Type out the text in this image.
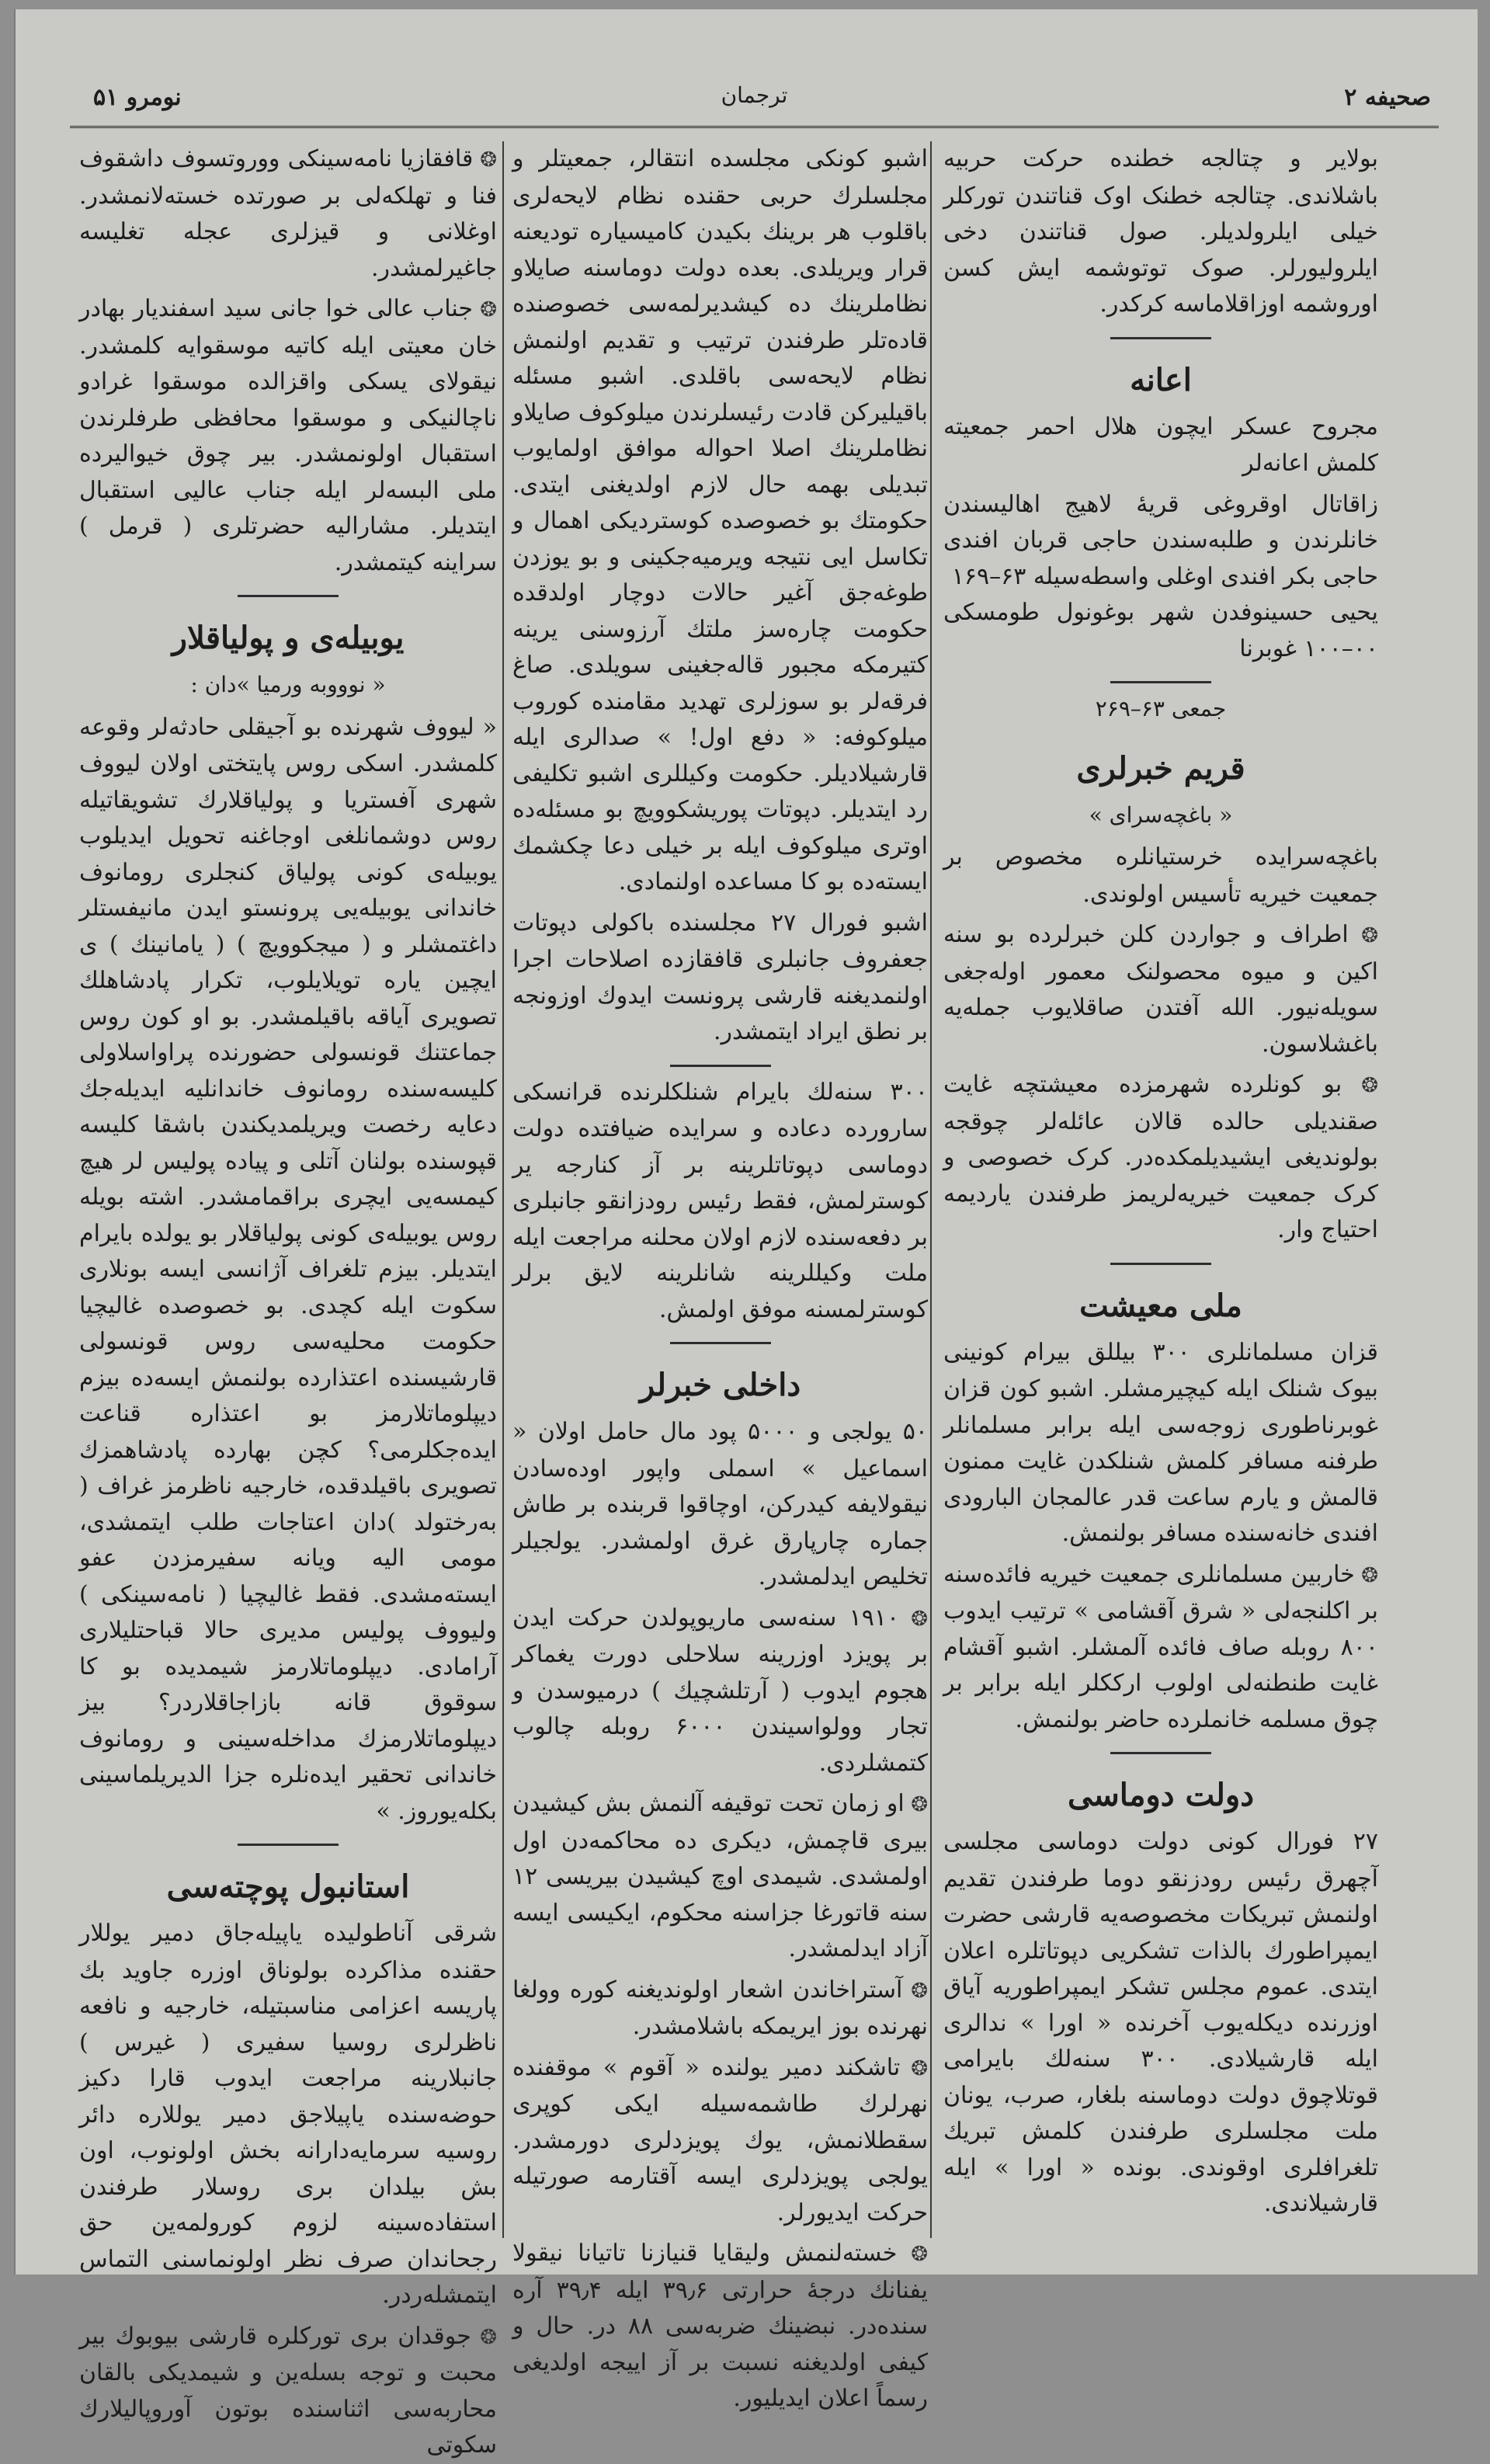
صحیفه ۲
ترجمان
نومرو ۵۱

بولایر و چتالجه خطنده حرکت حربیه باشلاندی. چتالجه خطنک اوک قناتندن تورکلر خیلی ایلرولدیلر. صول قناتندن دخی ایلرولیورلر. صوک توتوشمه ایش کسن اوروشمه اوزاقلاماسه کرکدر.

اعانه

مجروح عسکر ایچون هلال احمر جمعیته کلمش اعانه‌لر

زاقاتال اوقروغی قریهٔ لاهیج اهالیسندن خانلرندن و طلبه‌سندن حاجی قربان افندی حاجی بکر افندی اوغلی واسطه‌سیله ۶۳–۱۶۹
یحیی حسینوفدن شهر بوغونول طومسکی ۰۰–۱۰۰ غوبرنا
جمعی ۶۳–۲۶۹
قریم خبرلری
« باغچه‌سرای »

باغچه‌سرایده خرستیانلره مخصوص بر جمعیت خیریه تأسیس اولوندی.

❂ اطراف و جواردن کلن خبرلرده بو سنه اکین و میوه محصولنک معمور اوله‌جغی سویله‌نیور. الله آفتدن صاقلایوب جمله‌یه باغشلاسون.

❂ بو کونلرده شهرمزده معیشتچه غایت صقندیلی حالده قالان عائله‌لر چوقجه بولوندیغی ایشیدیلمکده‌در. کرک خصوصی و کرک جمعیت خیریه‌لریمز طرفندن یاردیمه احتیاج وار.

ملی معیشت

قزان مسلمانلری ۳۰۰ بیللق بیرام کونینی بیوک شنلک ایله کیچیرمشلر. اشبو کون قزان غوبرناطوری زوجه‌سی ایله برابر مسلمانلر طرفنه مسافر کلمش شنلکدن غایت ممنون قالمش و یارم ساعت قدر عالمجان البارودی افندی خانه‌سنده مسافر بولنمش.

❂ خاربین مسلمانلری جمعیت خیریه فائده‌سنه بر اکلنجه‌لی « شرق آقشامی » ترتیب ایدوب ۸۰۰ روبله صاف فائده آلمشلر. اشبو آقشام غایت طنطنه‌لی اولوب ارککلر ایله برابر بر چوق مسلمه خانملرده حاضر بولنمش.

دولت دوماسی

۲۷ فورال کونی دولت دوماسی مجلسی آچهرق رئیس رودزنقو دوما طرفندن تقدیم اولنمش تبریکات مخصوصه‌یه قارشی حضرت ایمپراطورك بالذات تشکریی دپوتاتلره اعلان ایتدی. عموم مجلس تشکر ایمپراطوریه آیاق اوزرنده دیکله‌یوب آخرنده « اورا » ندالری ایله قارشیلادی. ۳۰۰ سنه‌لك بایرامی قوتلاچوق دولت دوماسنه بلغار، صرب، یونان ملت مجلسلری طرفندن کلمش تبریك تلغرافلری اوقوندی. بونده « اورا » ایله قارشیلاندی.

اشبو کونکی مجلسده انتقالر، جمعیتلر و مجلسلرك حربی حقنده نظام لایحه‌لری باقلوب هر برینك بکیدن کامیسیاره تودیعنه قرار ویریلدی. بعده دولت دوماسنه صایلاو نظاملرینك ده کیشدیرلمه‌سی خصوصنده قاده‌تلر طرفندن ترتیب و تقدیم اولنمش نظام لایحه‌سی باقلدی. اشبو مسئله باقیلیرکن قادت رئیسلرندن میلوکوف صایلاو نظاملرینك اصلا احواله موافق اولمایوب تبدیلی بهمه حال لازم اولدیغنی ایتدی. حکومتك بو خصوصده کوستردیکی اهمال و تکاسل ایی نتیجه ویرمیه‌جکینی و بو یوزدن طوغه‌جق آغیر حالات دوچار اولدقده حکومت چاره‌سز ملتك آرزوسنی یرینه کتیرمکه مجبور قاله‌جغینی سویلدی. صاغ فرقه‌لر بو سوزلری تهدید مقامنده کوروب میلوکوفه: « دفع اول! » صدالری ایله قارشیلادیلر. حکومت وکیللری اشبو تکلیفی رد ایتدیلر. دپوتات پوریشکوویچ بو مسئله‌ده اوتری میلوکوف ایله بر خیلی دعا چکشمك ایسته‌ده بو کا مساعده اولنمادی.

اشبو فورال ۲۷ مجلسنده باکولی دپوتات جعفروف جانبلری قافقازده اصلاحات اجرا اولنمدیغنه قارشی پرونست ایدوك اوزونجه بر نطق ایراد ایتمشدر.

۳۰۰ سنه‌لك بایرام شنلکلرنده قرانسکی سارورده دعاده و سرایده ضیافتده دولت دوماسی دپوتاتلرینه بر آز کنارجه یر کوسترلمش، فقط رئیس رودزانقو جانبلری بر دفعه‌سنده لازم اولان محلنه مراجعت ایله ملت وکیللرینه شانلرینه لایق برلر کوسترلمسنه موفق اولمش.

داخلی خبرلر

۵۰ یولجی و ۵۰۰۰ پود مال حامل اولان « اسماعیل » اسملی واپور اوده‌سادن نیقولایفه کیدرکن، اوچاقوا قربنده بر طاش جماره چارپارق غرق اولمشدر. یولجیلر تخلیص ایدلمشدر.

❂ ۱۹۱۰ سنه‌سی ماریوپولدن حرکت ایدن بر پویزد اوزرینه سلاحلی دورت یغماکر هجوم ایدوب ( آرتلشچیك ) درمیوسدن و تجار وولواسیندن ۶۰۰۰ روبله چالوب کتمشلردی.

❂ او زمان تحت توقیفه آلنمش بش کیشیدن بیری قاچمش، دیکری ده محاکمه‌دن اول اولمشدی. شیمدی اوچ کیشیدن بیریسی ۱۲ سنه قاتورغا جزاسنه محکوم، ایکیسی ایسه آزاد ایدلمشدر.

❂ آستراخاندن اشعار اولوندیغنه کوره وولغا نهرنده بوز ایریمکه باشلامشدر.

❂ تاشکند دمیر یولنده « آقوم » موقفنده نهرلرك طاشمه‌سیله ایکی کوپری سقطلانمش، یوك پویزدلری دورمشدر. یولجی پویزدلری ایسه آقتارمه صورتیله حرکت ایدیورلر.

❂ خسته‌لنمش ولیقایا قنیازنا تاتیانا نیقولا یفنانك درجهٔ حرارتی ۳۹٫۶ ایله ۳۹٫۴ آره سنده‌در. نبضینك ضربه‌سی ۸۸ در. حال و کیفی اولدیغنه نسبت بر آز اییجه اولدیغی رسماً اعلان ایدیلیور.

❂ قافقازیا نامه‌سینکی ووروتسوف داشقوف فنا و تهلکه‌لی بر صورتده خسته‌لانمشدر. اوغلانی و قیزلری عجله تغلیسه جاغیرلمشدر.

❂ جناب عالی خوا جانی سید اسفندیار بهادر خان معیتی ایله کاتیه موسقوایه کلمشدر. نیقولای یسکی واقزالده موسقوا غرادو ناچالنیکی و موسقوا محافظی طرفلرندن استقبال اولونمشدر. بیر چوق خیوالیرده ملی البسه‌لر ایله جناب عالیی استقبال ایتدیلر. مشارالیه حضرتلری ( قرمل ) سراینه کیتمشدر.

یوبیله‌ی و پولیاقلار
« نوووبه ورمیا »دان :

« لیووف شهرنده بو آجیقلی حادثه‌لر وقوعه کلمشدر. اسکی روس پایتختی اولان لیووف شهری آفستریا و پولیاقلارك تشویقاتیله روس دوشمانلغی اوجاغنه تحویل ایدیلوب یوبیله‌ی کونی پولیاق کنجلری رومانوف خاندانی یوبیله‌یی پرونستو ایدن مانیفستلر داغتمشلر و ( میجکوویچ ) ( یامانینك ) ی ایچین یاره تویلایلوب، تکرار پادشاهلك تصویری آیاقه باقیلمشدر. بو او کون روس جماعتنك قونسولی حضورنده پراواسلاولی کلیسه‌سنده رومانوف خاندانلیه ایدیله‌جك دعایه رخصت ویریلمدیکندن باشقا کلیسه قپوسنده بولنان آتلی و پیاده پولیس لر هیچ کیمسه‌یی ایچری براقمامشدر. اشته بویله روس یوبیله‌ی کونی پولیاقلار بو یولده بایرام ایتدیلر. بیزم تلغراف آژانسی ایسه بونلاری سکوت ایله کچدی. بو خصوصده غالیچیا حکومت محلیه‌سی روس قونسولی قارشیسنده اعتذارده بولنمش ایسه‌ده بیزم دیپلوماتلارمز بو اعتذاره قناعت ایده‌جکلرمی؟ کچن بهارده پادشاهمزك تصویری باقیلدقده، خارجیه ناظرمز غراف ( بەرختولد )دان اعتاجات طلب ایتمشدی، مومی الیه ویانه سفیرمزدن عفو ایسته‌مشدی. فقط غالیچیا ( نامه‌سینکی ) ولیووف پولیس مدیری حالا قباحتلیلاری آرامادی. دیپلوماتلارمز شیمدیده بو کا سوقوق قانه بازاجاقلاردر؟ بیز دیپلوماتلارمزك مداخله‌سینی و رومانوف خاندانی تحقیر ایده‌نلره جزا الدیریلماسینی بکله‌یوروز. »

استانبول پوچته‌سی

شرقی آناطولیده یاپیله‌جاق دمیر یوللار حقنده مذاکرده بولوناق اوزره جاوید بك پاریسه اعزامی مناسبتیله، خارجیه و نافعه ناظرلری روسیا سفیری ( غیرس ) جانبلارینه مراجعت ایدوب قارا دکیز حوضه‌سنده یاپیلاجق دمیر یوللاره دائر روسیه سرمایه‌دارانه بخش اولونوب، اون بش بیلدان بری روسلار طرفندن استفاده‌سینه لزوم کورولمه‌ین حق رجحاندان صرف نظر اولونماسنی التماس ایتمشله‌ردر.

❂ جوقدان بری تورکلره قارشی بیوبوك بیر محبت و توجه بسله‌ین و شیمدیکی بالقان محاربه‌سی اثناسنده بوتون آوروپالیلارك سکوتی
